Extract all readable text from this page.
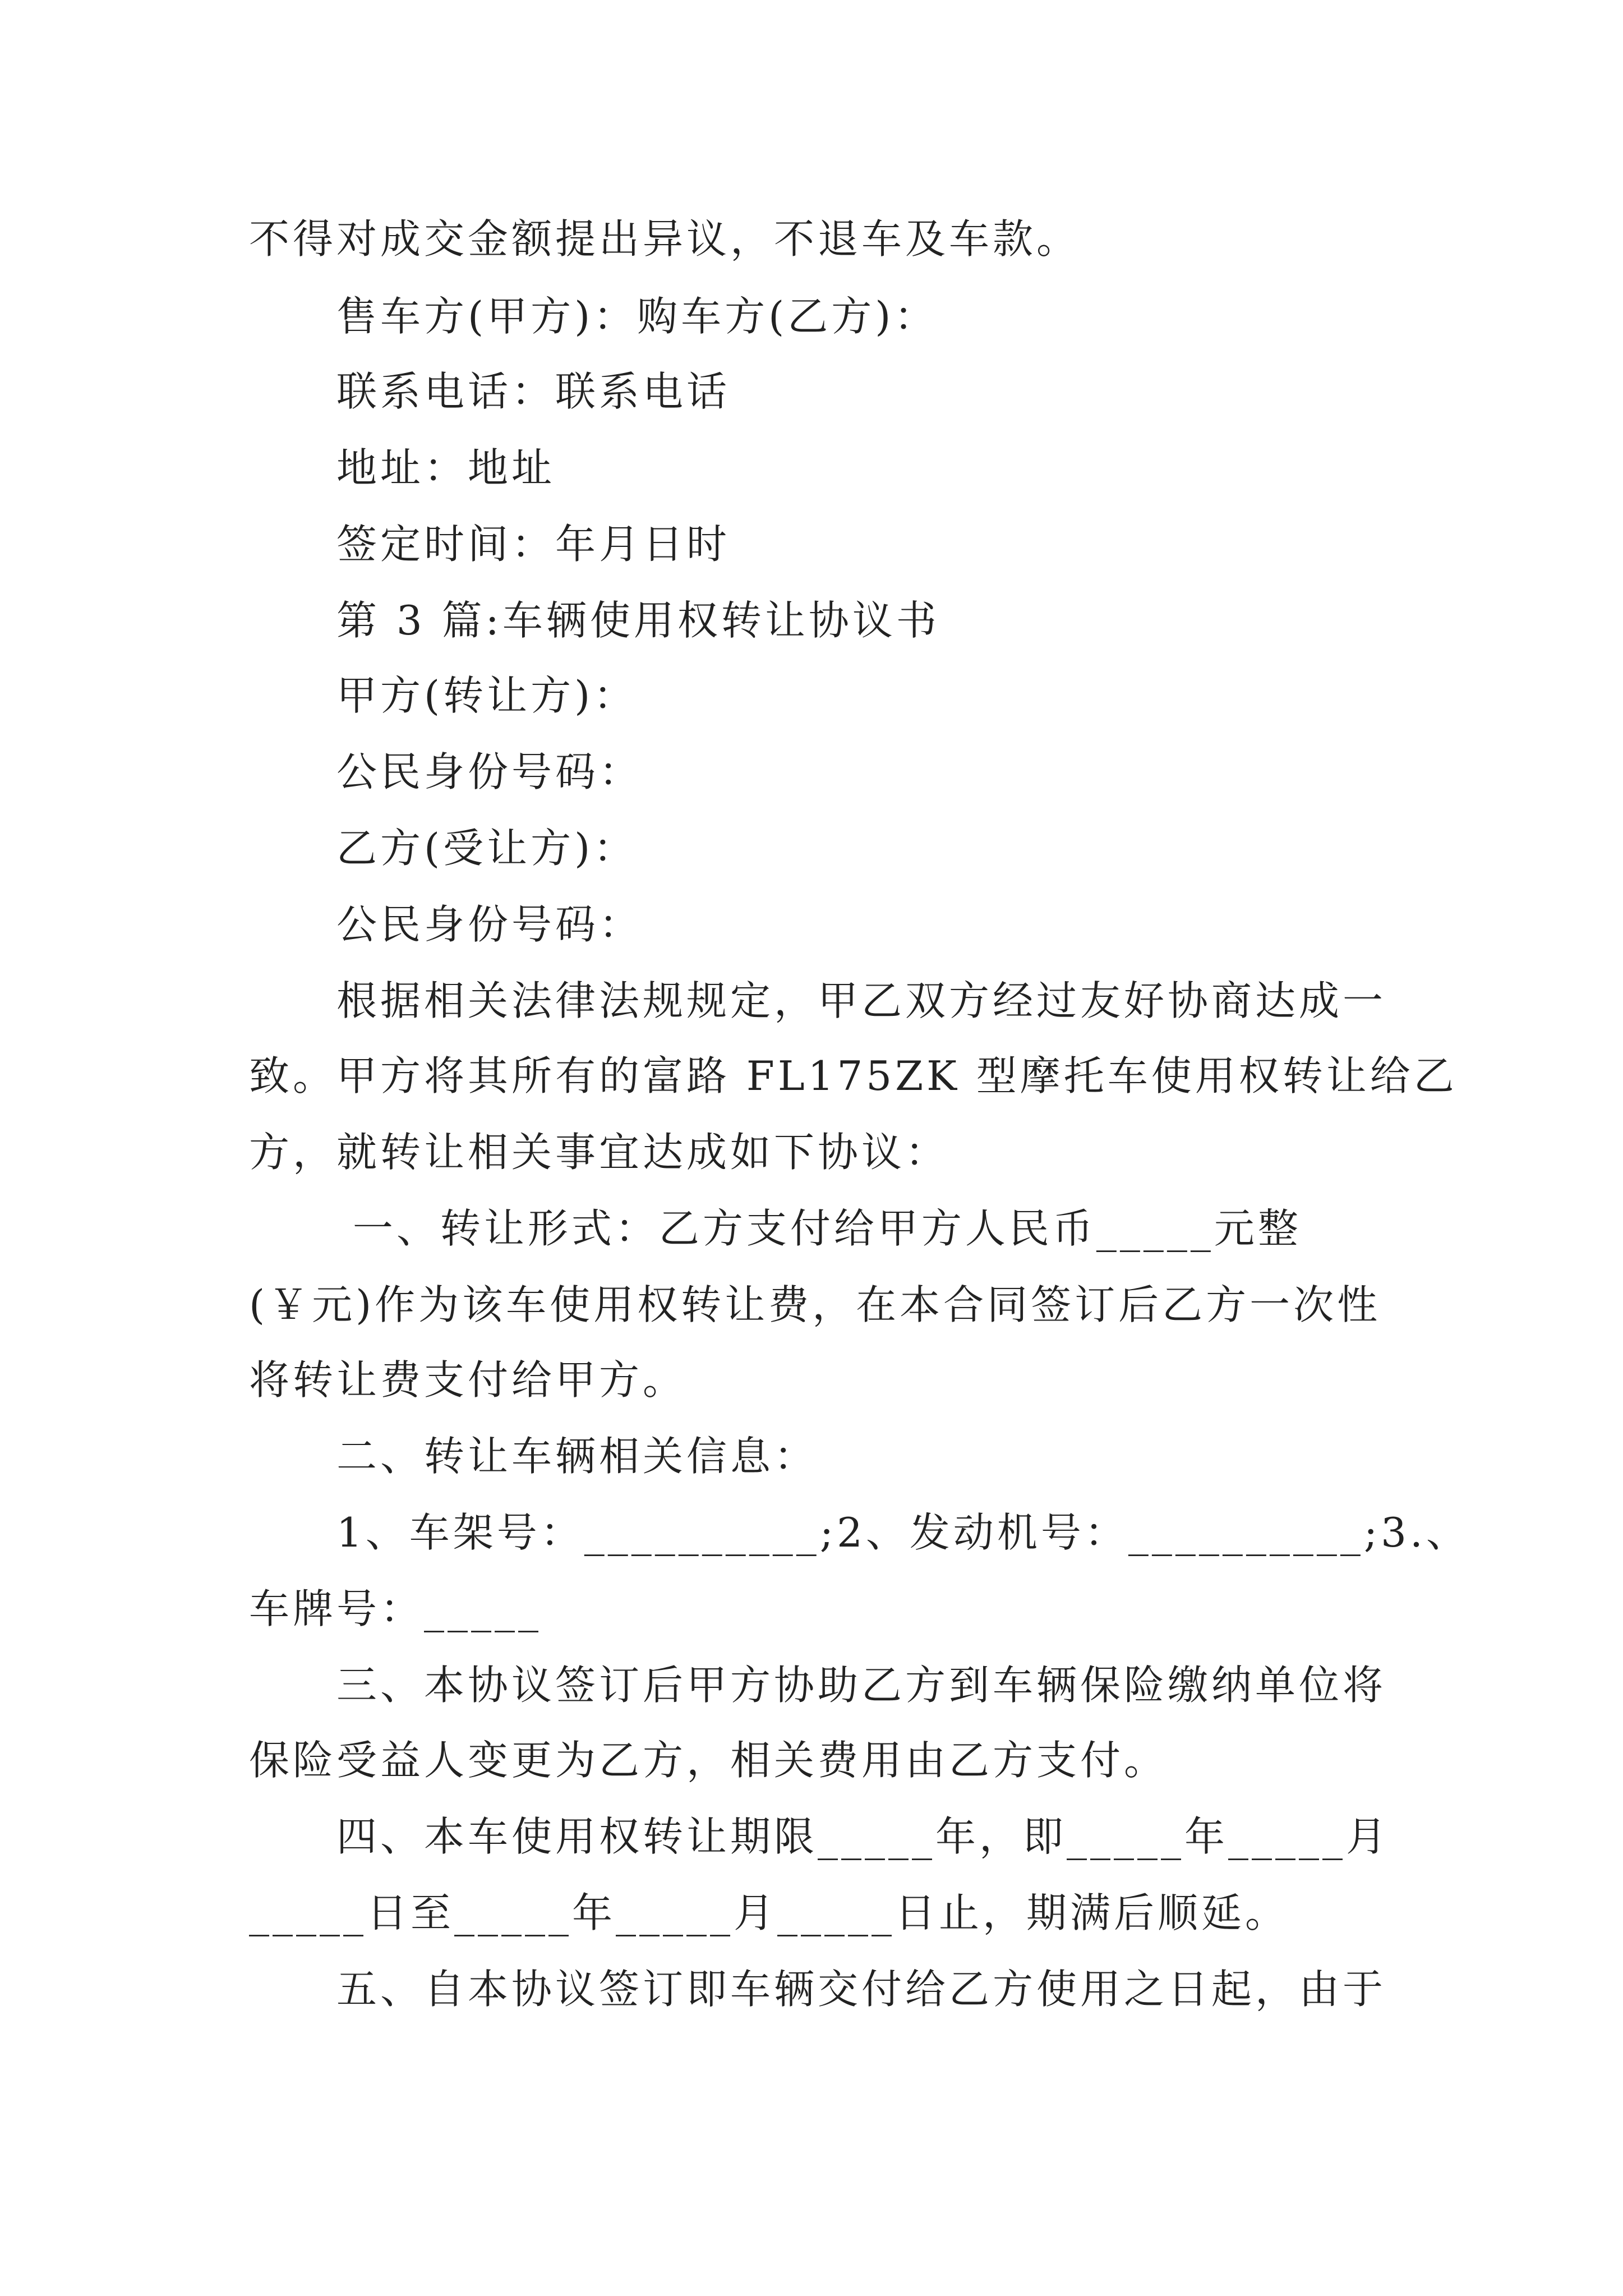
不得对成交金额提出异议，不退车及车款。
售车方(甲方)：购车方(乙方)：
联系电话：联系电话
地址：地址
签定时间：年月日时
第 3 篇:车辆使用权转让协议书
甲方(转让方)：
公民身份号码：
乙方(受让方)：
公民身份号码：
根据相关法律法规规定，甲乙双方经过友好协商达成一
致。甲方将其所有的富路 FL175ZK 型摩托车使用权转让给乙
方，就转让相关事宜达成如下协议：
一、转让形式：乙方支付给甲方人民币_____元整
(￥元)作为该车使用权转让费，在本合同签订后乙方一次性
将转让费支付给甲方。
二、转让车辆相关信息：
1、车架号：__________;2、发动机号：__________;3.、
车牌号：_____
三、本协议签订后甲方协助乙方到车辆保险缴纳单位将
保险受益人变更为乙方，相关费用由乙方支付。
四、本车使用权转让期限_____年，即_____年_____月
_____日至_____年_____月_____日止，期满后顺延。
五、自本协议签订即车辆交付给乙方使用之日起，由于
